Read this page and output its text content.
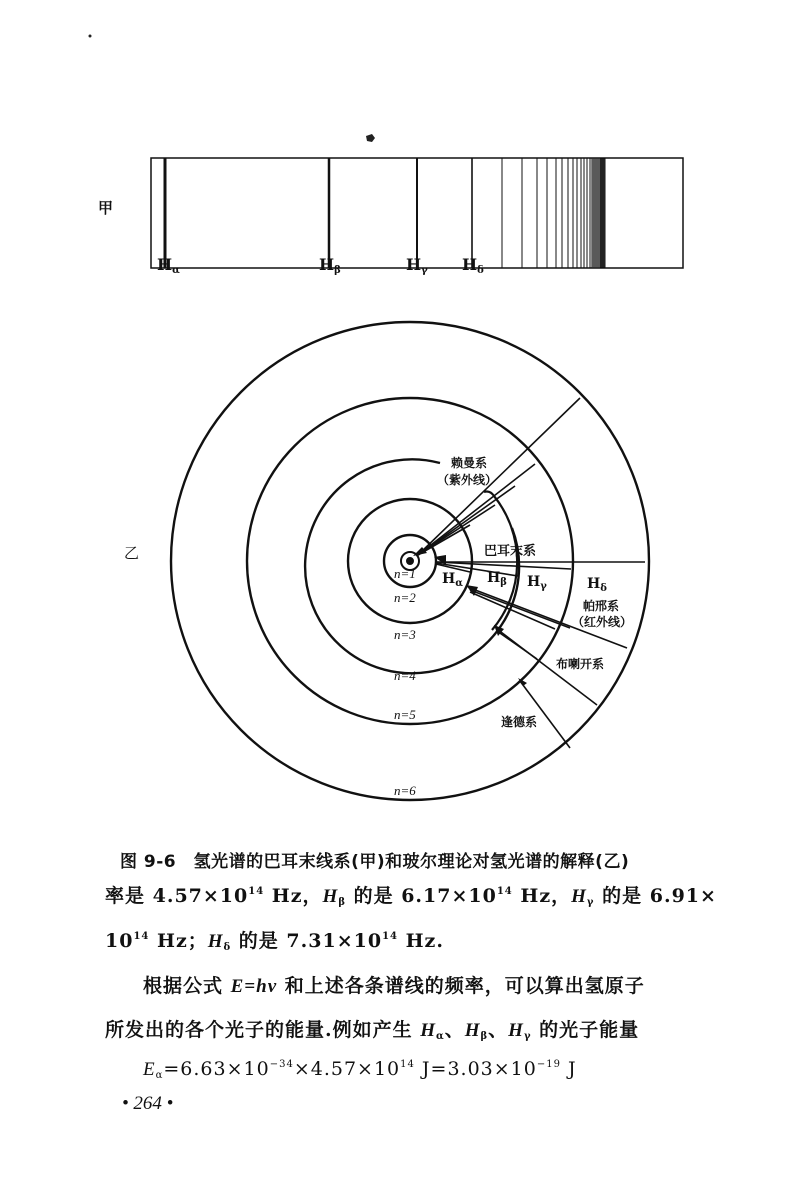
甲
乙
$H_\alpha$	$H_\beta$	$H_\gamma$ $H_\delta$
n=1
n=2
n=3
n=4
n=5
n=6
赖曼系
（紫外线）
巴耳末系
帕邢系
（红外线）
布喇开系
逢德系
$H_\alpha$ $H_\beta$ $H_\gamma$	$H_\delta$
图 9-6　氢光谱的巴耳末线系(甲)和玻尔理论对氢光谱的解释(乙)
率是 $4.57\times 10^{14}$ Hz，$H_\beta$ 的是 $6.17\times 10^{14}$ Hz，$H_\gamma$ 的是 6.91×
$10^{14}$ Hz；$H_\delta$ 的是 $7.31\times 10^{14}$ Hz.
根据公式 E=hν 和上述各条谱线的频率，可以算出氢原子
所发出的各个光子的能量.例如产生 $H_\alpha$、$H_\beta$、$H_\gamma$ 的光子能量
$E_\alpha=6.63\times 10^{-34}\times 4.57\times 10^{14}$ $J=3.03\times 10^{-19}$ J
• 264 •
